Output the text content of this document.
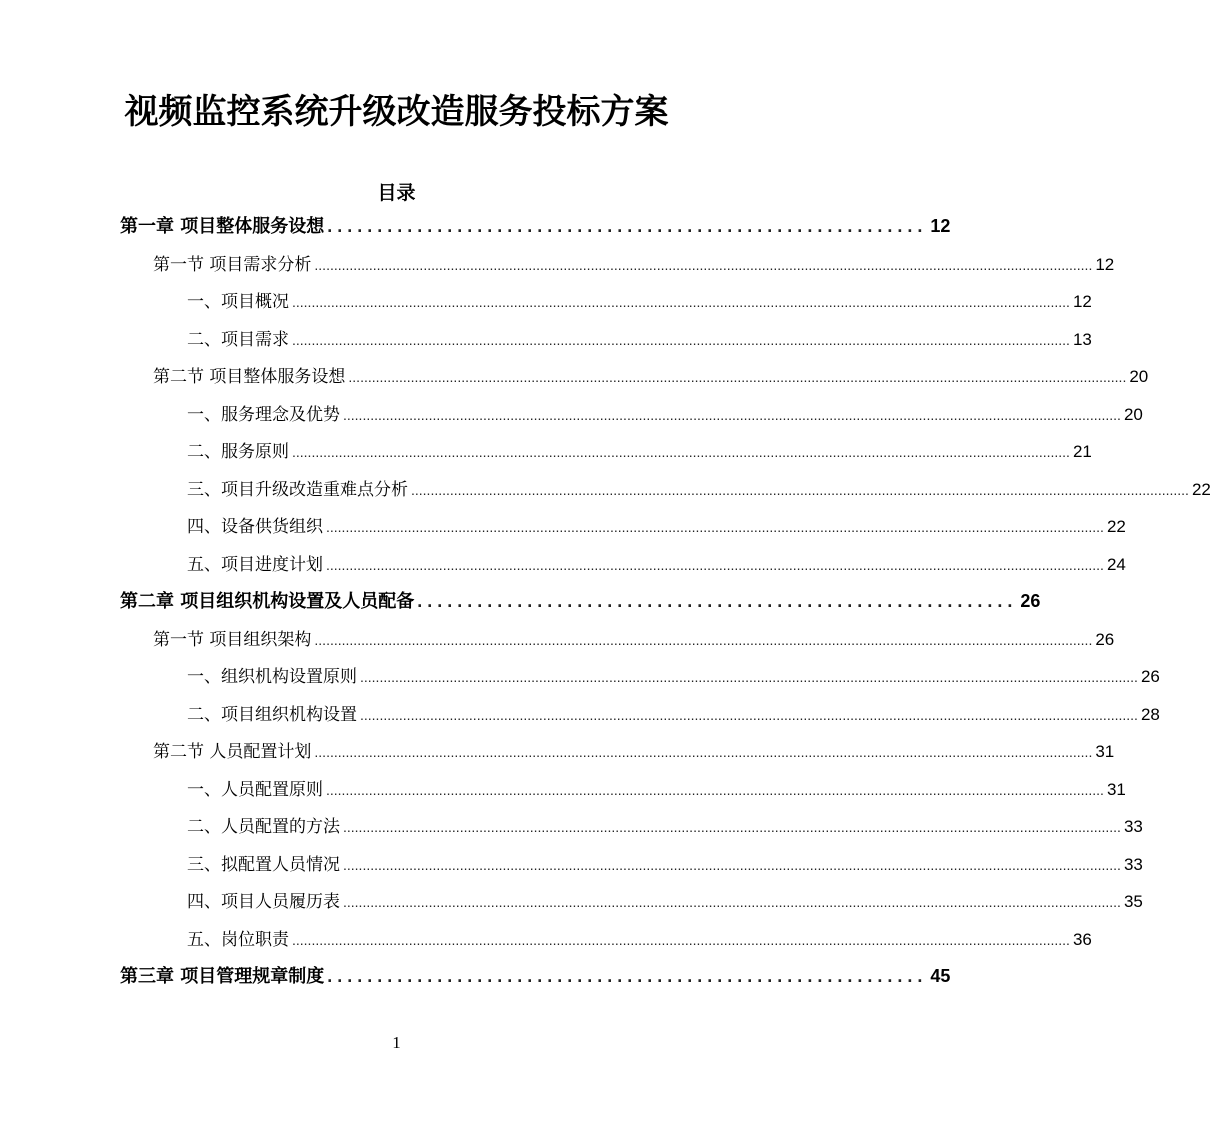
视频监控系统升级改造服务投标方案
目录
第一章 项目整体服务设想 ............................................................ 12
第一节 项目需求分析 ........................................................................................................................................................................................................ 12
一、项目概况 ........................................................................................................................................................................................................ 12
二、项目需求 ........................................................................................................................................................................................................ 13
第二节 项目整体服务设想 ........................................................................................................................................................................................................ 20
一、服务理念及优势 ........................................................................................................................................................................................................ 20
二、服务原则 ........................................................................................................................................................................................................ 21
三、项目升级改造重难点分析 ........................................................................................................................................................................................................ 22
四、设备供货组织 ........................................................................................................................................................................................................ 22
五、项目进度计划 ........................................................................................................................................................................................................ 24
第二章 项目组织机构设置及人员配备 ............................................................ 26
第一节 项目组织架构 ........................................................................................................................................................................................................ 26
一、组织机构设置原则 ........................................................................................................................................................................................................ 26
二、项目组织机构设置 ........................................................................................................................................................................................................ 28
第二节 人员配置计划 ........................................................................................................................................................................................................ 31
一、人员配置原则 ........................................................................................................................................................................................................ 31
二、人员配置的方法 ........................................................................................................................................................................................................ 33
三、拟配置人员情况 ........................................................................................................................................................................................................ 33
四、项目人员履历表 ........................................................................................................................................................................................................ 35
五、岗位职责 ........................................................................................................................................................................................................ 36
第三章 项目管理规章制度 ............................................................ 45
1
